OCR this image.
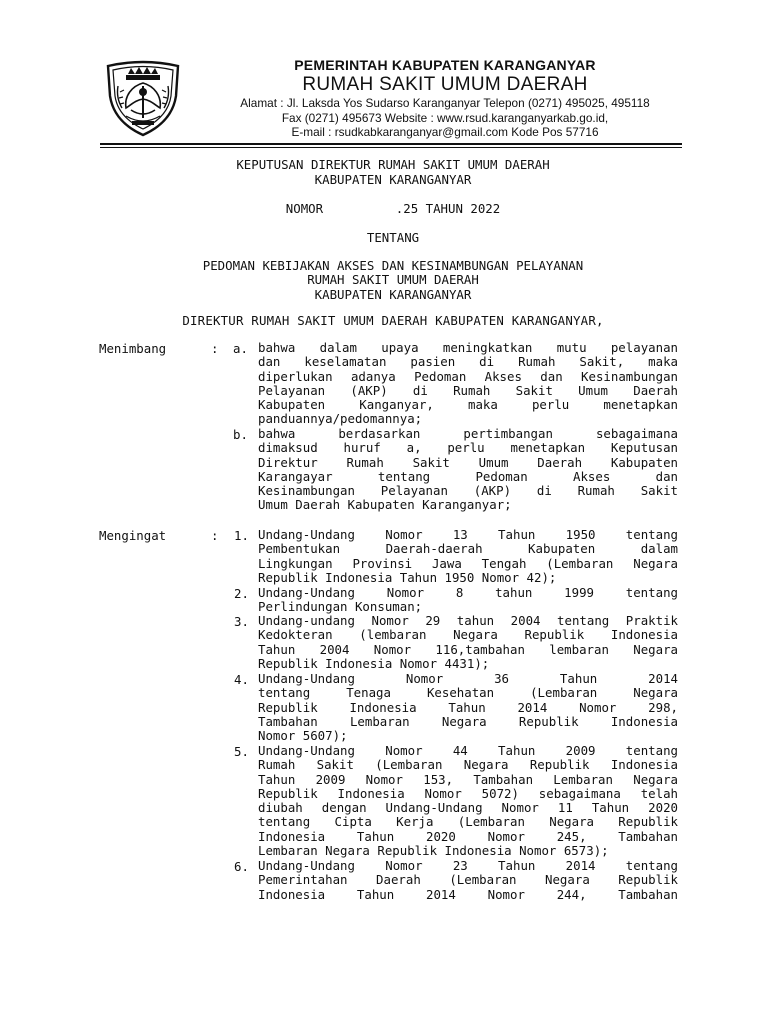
PEMERINTAH KABUPATEN KARANGANYAR
RUMAH SAKIT UMUM DAERAH
Alamat : Jl. Laksda Yos Sudarso Karanganyar Telepon (0271) 495025, 495118
Fax (0271) 495673 Website : www.rsud.karanganyarkab.go.id,
E-mail : rsudkabkaranganyar@gmail.com Kode Pos 57716
KEPUTUSAN DIREKTUR RUMAH SAKIT UMUM DAERAH
KABUPATEN KARANGANYAR
NOMOR	.25 TAHUN 2022
TENTANG
PEDOMAN KEBIJAKAN AKSES DAN KESINAMBUNGAN PELAYANAN
RUMAH SAKIT UMUM DAERAH
KABUPATEN KARANGANYAR
DIREKTUR RUMAH SAKIT UMUM DAERAH KABUPATEN KARANGANYAR,
Menimbang	: a. bahwa dalam upaya meningkatkan mutu pelayanan
dan keselamatan pasien di Rumah Sakit, maka
diperlukan adanya Pedoman Akses dan Kesinambungan
Pelayanan (AKP) di Rumah Sakit Umum Daerah
Kabupaten Kanganyar, maka perlu menetapkan
panduannya/pedomannya;
b. bahwa berdasarkan pertimbangan sebagaimana
dimaksud huruf a, perlu menetapkan Keputusan
Direktur Rumah Sakit Umum Daerah Kabupaten
Karangayar tentang Pedoman Akses dan
Kesinambungan Pelayanan (AKP) di Rumah Sakit
Umum Daerah Kabupaten Karanganyar;
Mengingat	: 1. Undang-Undang Nomor 13 Tahun 1950 tentang
Pembentukan Daerah-daerah Kabupaten dalam
Lingkungan Provinsi Jawa Tengah (Lembaran Negara
Republik Indonesia Tahun 1950 Nomor 42);
2. Undang-Undang Nomor 8 tahun 1999 tentang
Perlindungan Konsuman;
3. Undang-undang Nomor 29 tahun 2004 tentang Praktik
Kedokteran (lembaran Negara Republik Indonesia
Tahun 2004 Nomor 116,tambahan lembaran Negara
Republik Indonesia Nomor 4431);
4. Undang-Undang Nomor 36 Tahun 2014
tentang Tenaga Kesehatan (Lembaran Negara
Republik Indonesia Tahun 2014 Nomor 298,
Tambahan Lembaran Negara Republik Indonesia
Nomor 5607);
5. Undang-Undang Nomor 44 Tahun 2009 tentang
Rumah Sakit (Lembaran Negara Republik Indonesia
Tahun 2009 Nomor 153, Tambahan Lembaran Negara
Republik Indonesia Nomor 5072) sebagaimana telah
diubah dengan Undang-Undang Nomor 11 Tahun 2020
tentang Cipta Kerja (Lembaran Negara Republik
Indonesia Tahun 2020 Nomor 245, Tambahan
Lembaran Negara Republik Indonesia Nomor 6573);
6. Undang-Undang Nomor 23 Tahun 2014 tentang
Pemerintahan Daerah (Lembaran Negara Republik
Indonesia Tahun 2014 Nomor 244, Tambahan
